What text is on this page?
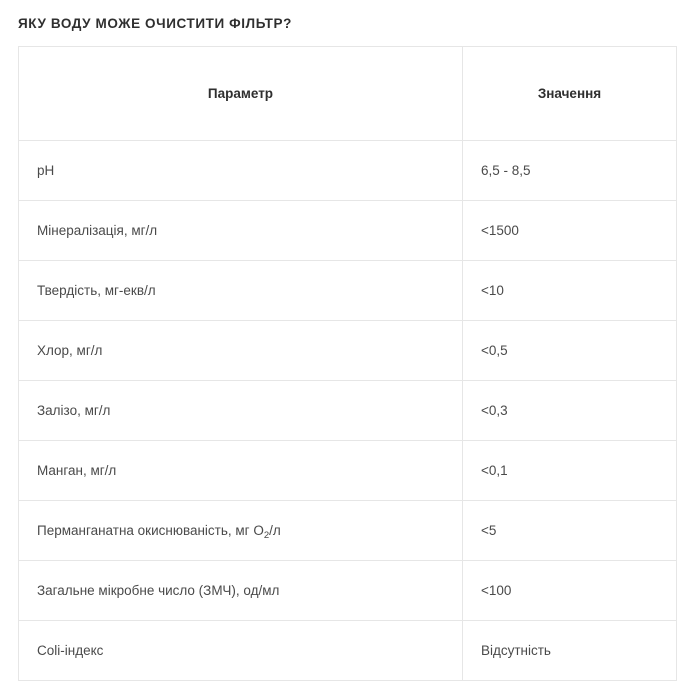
ЯКУ ВОДУ МОЖЕ ОЧИСТИТИ ФІЛЬТР?
Параметр	Значення
pH	6,5 - 8,5
Мінералізація, мг/л	<1500
Твердість, мг-екв/л	<10
Хлор, мг/л	<0,5
Залізо, мг/л	<0,3
Манган, мг/л	<0,1
Перманганатна окиснюваність, мг $O_2/л$	<5
Загальне мікробне число (ЗМЧ), од/мл	<100
Coli-індекс	Відсутність
